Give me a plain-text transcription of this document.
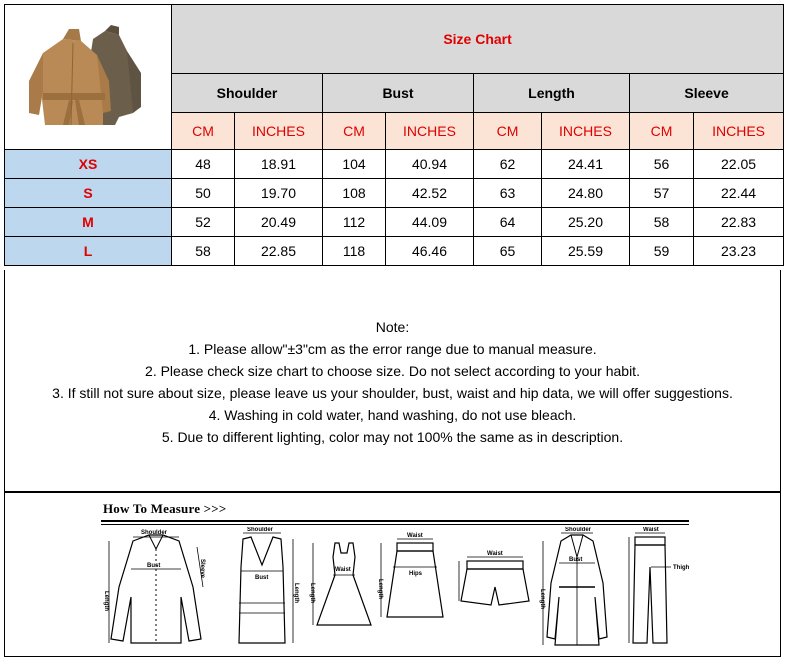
	Size Chart							
	Shoulder		Bust		Length		Sleeve	
	CM	INCHES	CM	INCHES	CM	INCHES	CM	INCHES
XS	48	18.91	104	40.94	62	24.41	56	22.05
S	50	19.70	108	42.52	63	24.80	57	22.44
M	52	20.49	112	44.09	64	25.20	58	22.83
L	58	22.85	118	46.46	65	25.59	59	23.23
Note:
1. Please allow"±3"cm as the error range due to manual measure.
2. Please check size chart to choose size. Do not select according to your habit.
3. If still not sure about size, please leave us your shoulder, bust, waist and hip data, we will offer suggestions.
4. Washing in cold water, hand washing, do not use bleach.
5. Due to different lighting, color may not 100% the same as in description.
How To Measure >>>
Shoulder
Bust
Length
Sleeve
Shoulder
Bust
Length
Waist
Length
Waist
Hips
Length
Waist
Shoulder
Bust
Length
Waist
Thigh
